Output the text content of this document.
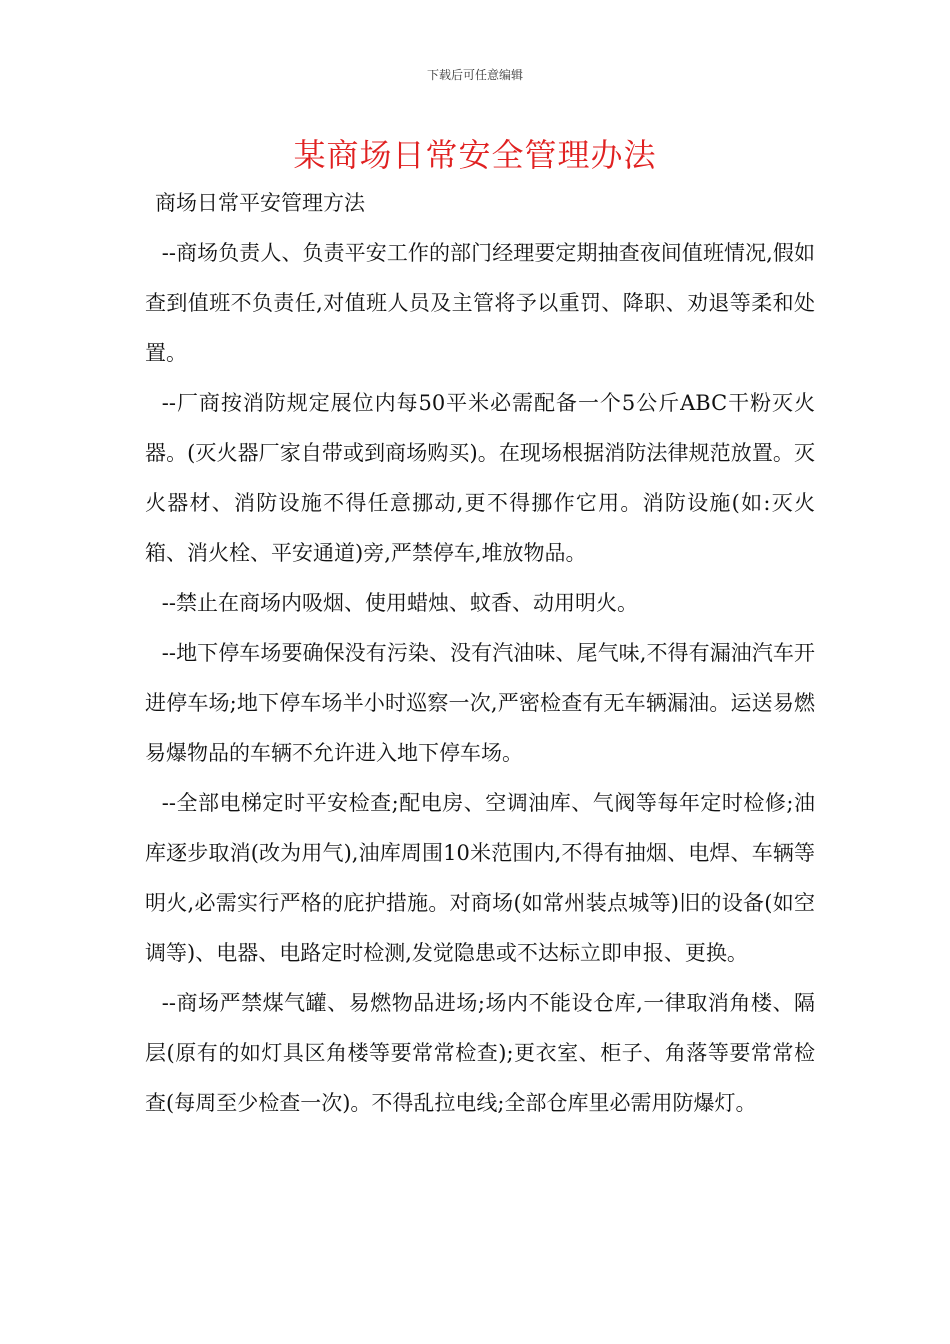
下载后可任意编辑
某商场日常安全管理办法

商场日常平安管理方法

--商场负责人、负责平安工作的部门经理要定期抽查夜间值班情况,假如查到值班不负责任,对值班人员及主管将予以重罚、降职、劝退等柔和处置。

--厂商按消防规定展位内每50平米必需配备一个5公斤ABC干粉灭火器。(灭火器厂家自带或到商场购买)。在现场根据消防法律规范放置。灭火器材、消防设施不得任意挪动,更不得挪作它用。消防设施(如:灭火箱、消火栓、平安通道)旁,严禁停车,堆放物品。

--禁止在商场内吸烟、使用蜡烛、蚊香、动用明火。

--地下停车场要确保没有污染、没有汽油味、尾气味,不得有漏油汽车开进停车场;地下停车场半小时巡察一次,严密检查有无车辆漏油。运送易燃易爆物品的车辆不允许进入地下停车场。

--全部电梯定时平安检查;配电房、空调油库、气阀等每年定时检修;油库逐步取消(改为用气),油库周围10米范围内,不得有抽烟、电焊、车辆等明火,必需实行严格的庇护措施。对商场(如常州装点城等)旧的设备(如空调等)、电器、电路定时检测,发觉隐患或不达标立即申报、更换。

--商场严禁煤气罐、易燃物品进场;场内不能设仓库,一律取消角楼、隔层(原有的如灯具区角楼等要常常检查);更衣室、柜子、角落等要常常检查(每周至少检查一次)。不得乱拉电线;全部仓库里必需用防爆灯。
